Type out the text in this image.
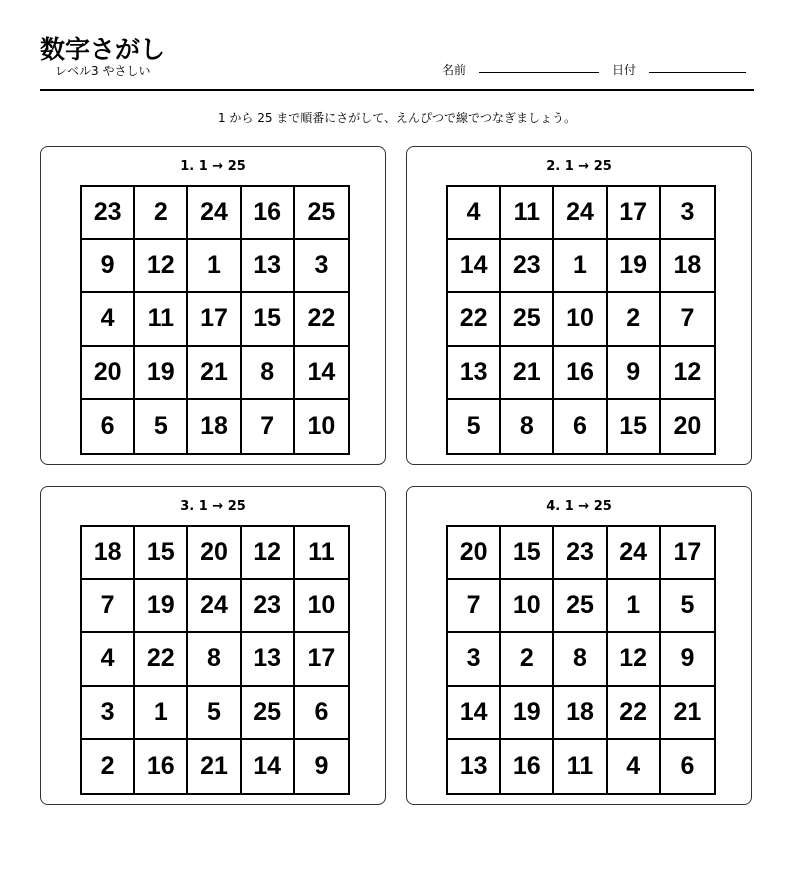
数字さがし
レベル3 やさしい	名前	日付
1 から 25 まで順番にさがして、えんぴつで線でつなぎましょう。
1. 1 → 25
23	2	24	16	25
9	12	1	13	3
4	11	17	15	22
20	19	21	8	14
6	5	18	7	10
2. 1 → 25
4	11	24	17	3
14	23	1	19	18
22	25	10	2	7
13	21	16	9	12
5	8	6	15	20
3. 1 → 25
18	15	20	12	11
7	19	24	23	10
4	22	8	13	17
3	1	5	25	6
2	16	21	14	9
4. 1 → 25
20	15	23	24	17
7	10	25	1	5
3	2	8	12	9
14	19	18	22	21
13	16	11	4	6
